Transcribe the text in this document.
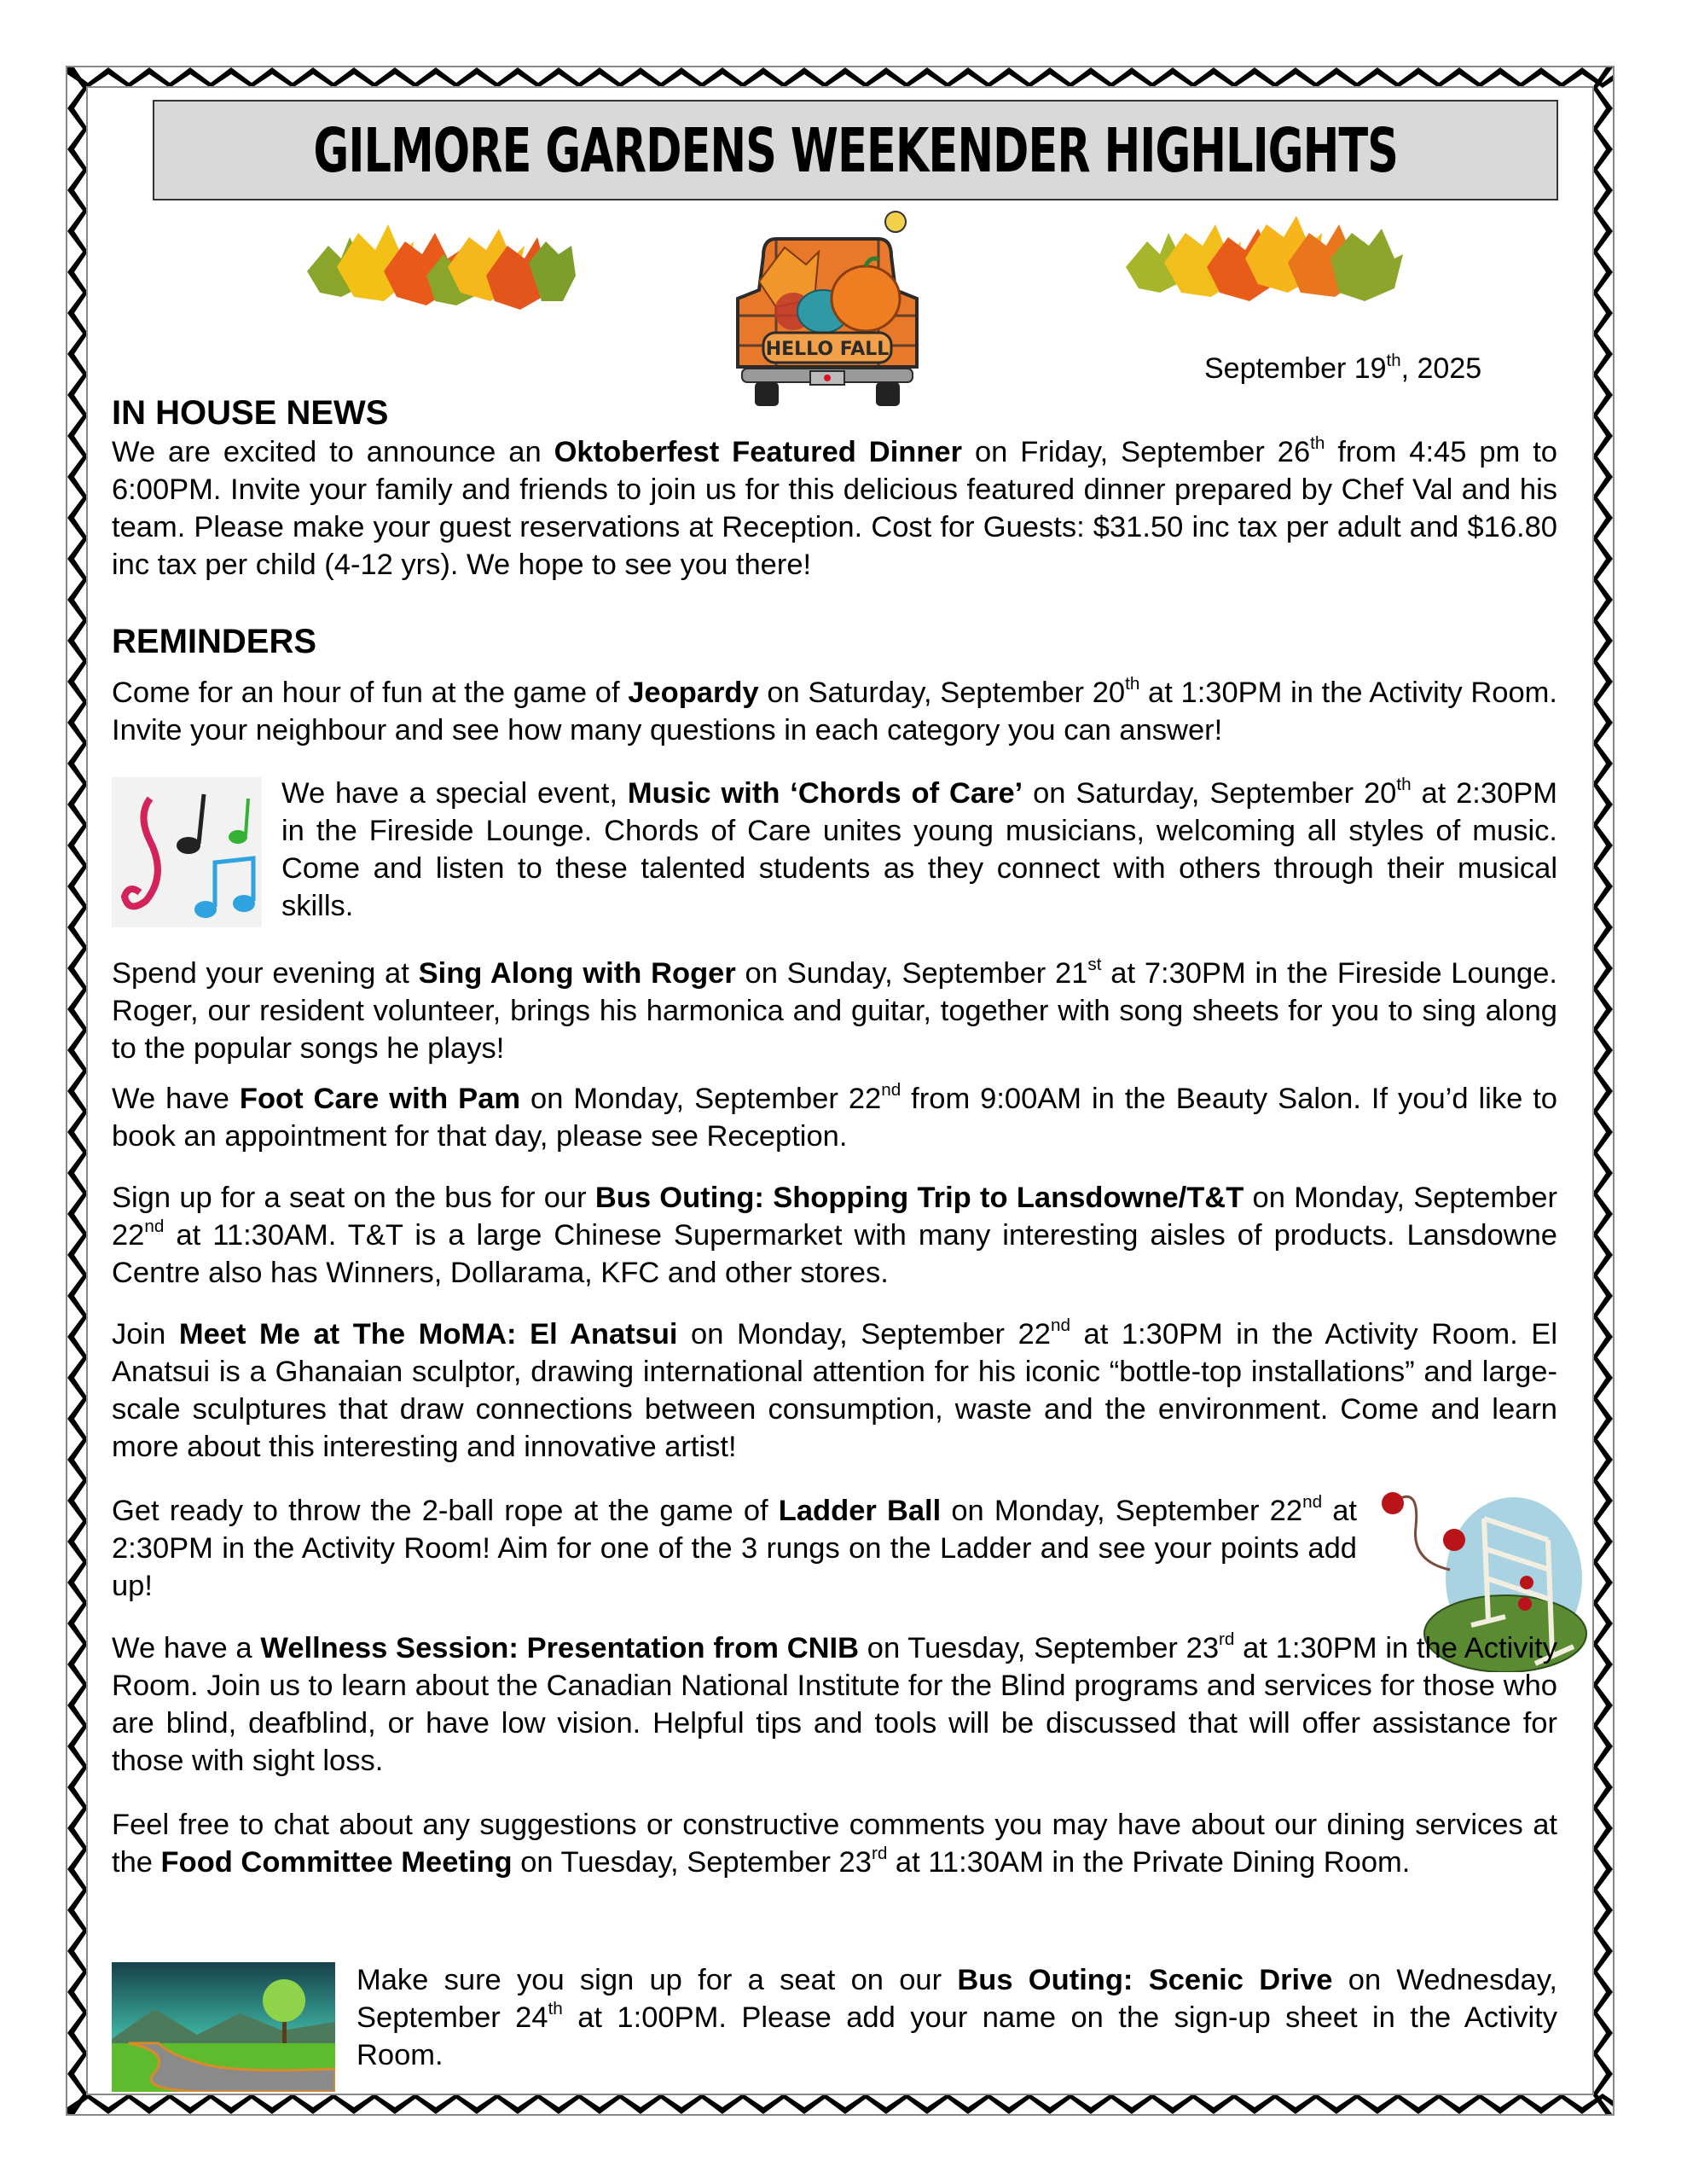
GILMORE GARDENS WEEKENDER HIGHLIGHTS
HELLO FALL
September 19th, 2025
IN HOUSE NEWS

We are excited to announce an Oktoberfest Featured Dinner on Friday, September 26th from 4:45 pm to 6:00PM. Invite your family and friends to join us for this delicious featured dinner prepared by Chef Val and his team. Please make your guest reservations at Reception. Cost for Guests: $31.50 inc tax per adult and $16.80 inc tax per child (4-12 yrs). We hope to see you there!

REMINDERS

Come for an hour of fun at the game of Jeopardy on Saturday, September 20th at 1:30PM in the Activity Room. Invite your neighbour and see how many questions in each category you can answer!

We have a special event, Music with ‘Chords of Care’ on Saturday, September 20th at 2:30PM in the Fireside Lounge. Chords of Care unites young musicians, welcoming all styles of music. Come and listen to these talented students as they connect with others through their musical skills.

Spend your evening at Sing Along with Roger on Sunday, September 21st at 7:30PM in the Fireside Lounge. Roger, our resident volunteer, brings his harmonica and guitar, together with song sheets for you to sing along to the popular songs he plays!

We have Foot Care with Pam on Monday, September 22nd from 9:00AM in the Beauty Salon. If you’d like to book an appointment for that day, please see Reception.

Sign up for a seat on the bus for our Bus Outing: Shopping Trip to Lansdowne/T&T on Monday, September 22nd at 11:30AM. T&T is a large Chinese Supermarket with many interesting aisles of products. Lansdowne Centre also has Winners, Dollarama, KFC and other stores.

Join Meet Me at The MoMA: El Anatsui on Monday, September 22nd at 1:30PM in the Activity Room. El Anatsui is a Ghanaian sculptor, drawing international attention for his iconic “bottle-top installations” and large-scale sculptures that draw connections between consumption, waste and the environment. Come and learn more about this interesting and innovative artist!

Get ready to throw the 2-ball rope at the game of Ladder Ball on Monday, September 22nd at 2:30PM in the Activity Room! Aim for one of the 3 rungs on the Ladder and see your points add up!

We have a Wellness Session: Presentation from CNIB on Tuesday, September 23rd at 1:30PM in the Activity Room. Join us to learn about the Canadian National Institute for the Blind programs and services for those who are blind, deafblind, or have low vision. Helpful tips and tools will be discussed that will offer assistance for those with sight loss.

Feel free to chat about any suggestions or constructive comments you may have about our dining services at the Food Committee Meeting on Tuesday, September 23rd at 11:30AM in the Private Dining Room.

Make sure you sign up for a seat on our Bus Outing: Scenic Drive on Wednesday, September 24th at 1:00PM. Please add your name on the sign-up sheet in the Activity Room.
